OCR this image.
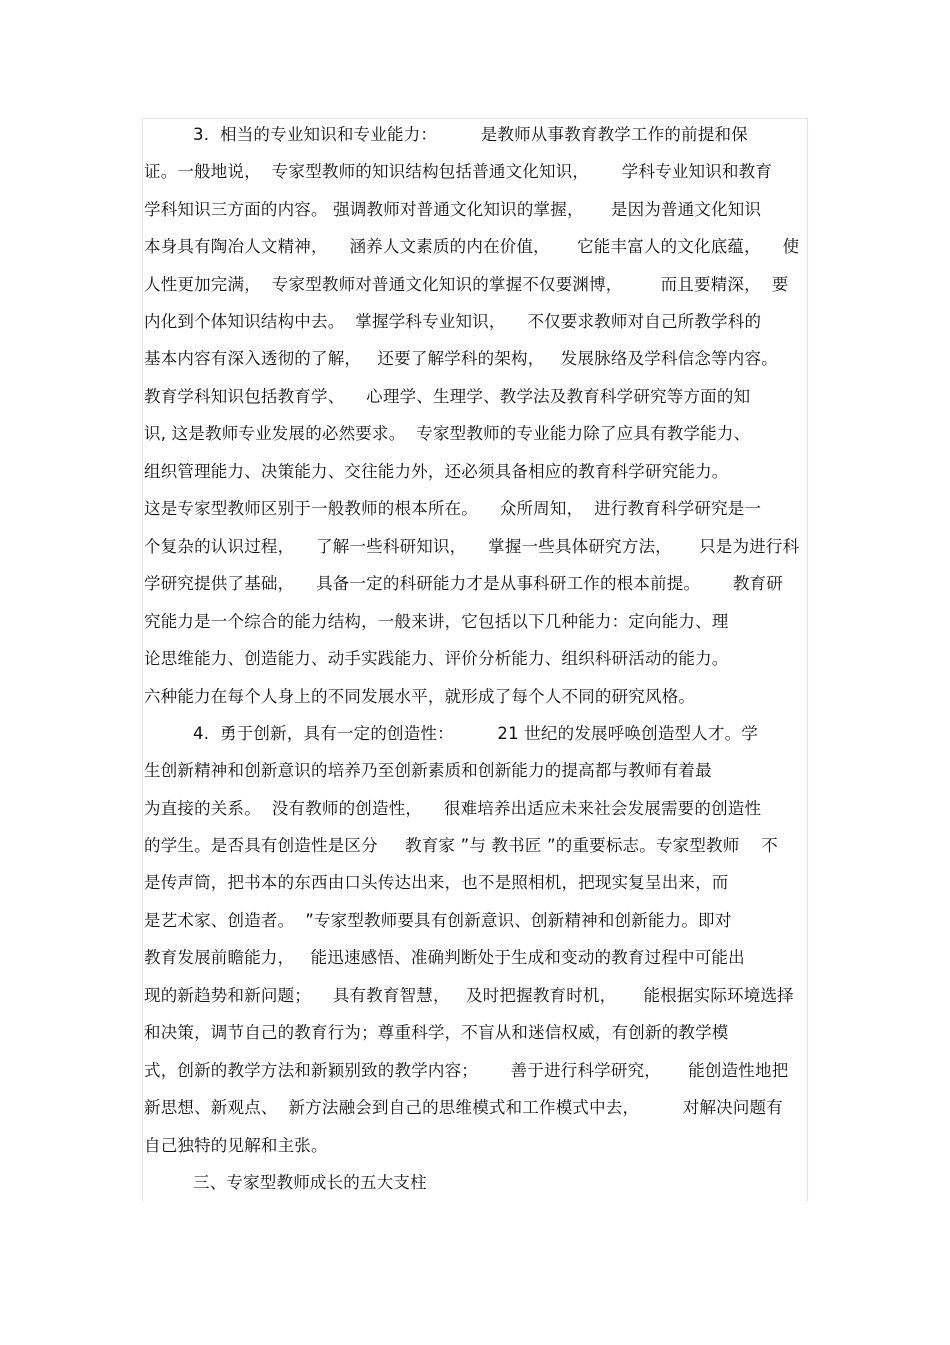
3.  相当的专业知识和专业能力：        是教师从事教育教学工作的前提和保
证。一般地说，  专家型教师的知识结构包括普通文化知识，      学科专业知识和教育
学科知识三方面的内容。 强调教师对普通文化知识的掌握，     是因为普通文化知识
本身具有陶冶人文精神，    涵养人文素质的内在价值，     它能丰富人的文化底蕴，    使
人性更加完满，  专家型教师对普通文化知识的掌握不仅要渊博，       而且要精深，  要
内化到个体知识结构中去。  掌握学科专业知识，    不仅要求教师对自己所教学科的
基本内容有深入透彻的了解，   还要了解学科的架构，   发展脉络及学科信念等内容。
教育学科知识包括教育学、    心理学、生理学、教学法及教育科学研究等方面的知
识, 这是教师专业发展的必然要求。  专家型教师的专业能力除了应具有教学能力、
组织管理能力、决策能力、交往能力外，还必须具备相应的教育科学研究能力。
这是专家型教师区别于一般教师的根本所在。    众所周知，  进行教育科学研究是一
个复杂的认识过程，    了解一些科研知识，    掌握一些具体研究方法，     只是为进行科
学研究提供了基础，    具备一定的科研能力才是从事科研工作的根本前提。      教育研
究能力是一个综合的能力结构，一般来讲，它包括以下几种能力：定向能力、理
论思维能力、创造能力、动手实践能力、评价分析能力、组织科研活动的能力。
六种能力在每个人身上的不同发展水平，就形成了每个人不同的研究风格。
4.  勇于创新，具有一定的创造性：        21 世纪的发展呼唤创造型人才。学
生创新精神和创新意识的培养乃至创新素质和创新能力的提高都与教师有着最
为直接的关系。  没有教师的创造性，    很难培养出适应未来社会发展需要的创造性
的学生。是否具有创造性是区分     教育家 ”与 教书匠 ”的重要标志。专家型教师    不
是传声筒，把书本的东西由口头传达出来，也不是照相机，把现实复呈出来，而
是艺术家、创造者。  ”专家型教师要具有创新意识、创新精神和创新能力。即对
教育发展前瞻能力，   能迅速感悟、准确判断处于生成和变动的教育过程中可能出
现的新趋势和新问题；    具有教育智慧，   及时把握教育时机，     能根据实际环境选择
和决策，调节自己的教育行为；尊重科学，不盲从和迷信权威，有创新的教学模
式，创新的教学方法和新颖别致的教学内容；      善于进行科学研究，     能创造性地把
新思想、新观点、  新方法融会到自己的思维模式和工作模式中去，        对解决问题有
自己独特的见解和主张。
三、专家型教师成长的五大支柱
